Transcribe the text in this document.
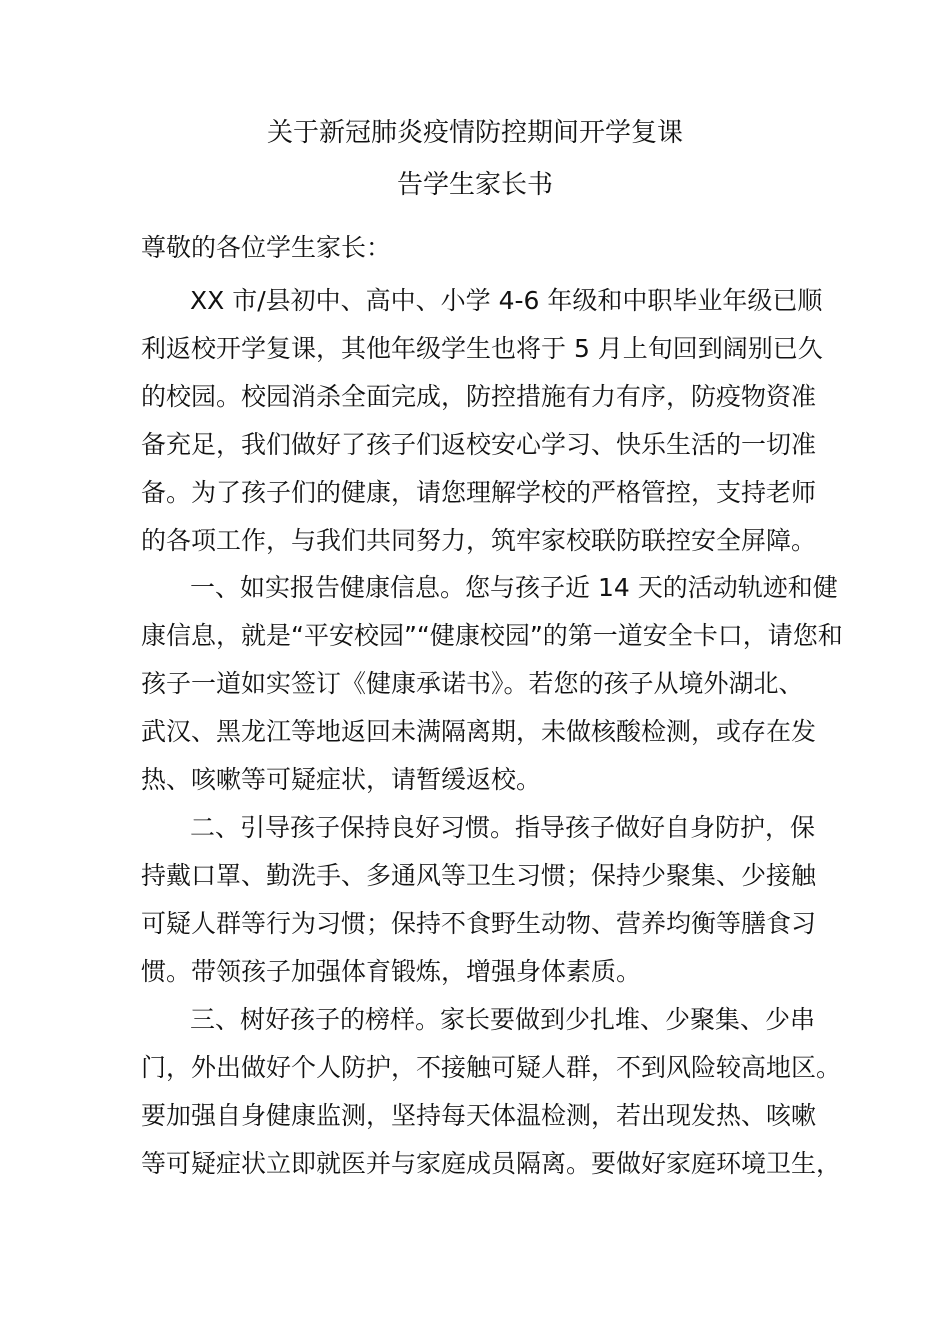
关于新冠肺炎疫情防控期间开学复课
告学生家长书
尊敬的各位学生家长：
XX 市/县初中、高中、小学 4-6 年级和中职毕业年级已顺
利返校开学复课，其他年级学生也将于 5 月上旬回到阔别已久
的校园。校园消杀全面完成，防控措施有力有序，防疫物资准
备充足，我们做好了孩子们返校安心学习、快乐生活的一切准
备。为了孩子们的健康，请您理解学校的严格管控，支持老师
的各项工作，与我们共同努力，筑牢家校联防联控安全屏障。
一、如实报告健康信息。您与孩子近 14 天的活动轨迹和健
康信息，就是“平安校园”“健康校园”的第一道安全卡口，请您和
孩子一道如实签订《健康承诺书》。若您的孩子从境外湖北、
武汉、黑龙江等地返回未满隔离期，未做核酸检测，或存在发
热、咳嗽等可疑症状，请暂缓返校。
二、引导孩子保持良好习惯。指导孩子做好自身防护，保
持戴口罩、勤洗手、多通风等卫生习惯；保持少聚集、少接触
可疑人群等行为习惯；保持不食野生动物、营养均衡等膳食习
惯。带领孩子加强体育锻炼，增强身体素质。
三、树好孩子的榜样。家长要做到少扎堆、少聚集、少串
门，外出做好个人防护，不接触可疑人群，不到风险较高地区。
要加强自身健康监测，坚持每天体温检测，若出现发热、咳嗽
等可疑症状立即就医并与家庭成员隔离。要做好家庭环境卫生，
